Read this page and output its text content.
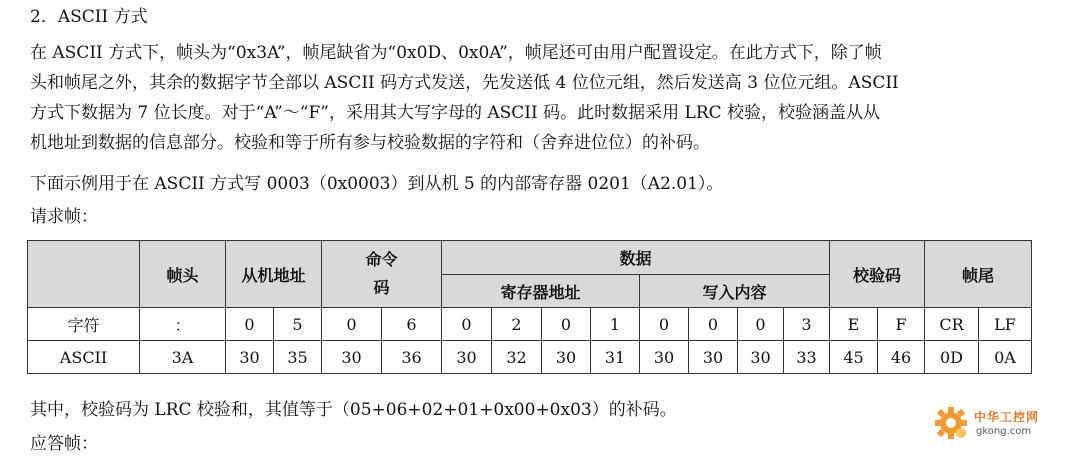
2．ASCII 方式
在 ASCII 方式下，帧头为“0x3A”，帧尾缺省为“0x0D、0x0A”，帧尾还可由用户配置设定。在此方式下，除了帧
头和帧尾之外，其余的数据字节全部以 ASCII 码方式发送，先发送低 4 位位元组，然后发送高 3 位位元组。ASCII
方式下数据为 7 位长度。对于“A”～“F”，采用其大写字母的 ASCII 码。此时数据采用 LRC 校验，校验涵盖从从
机地址到数据的信息部分。校验和等于所有参与校验数据的字符和（舍弃进位位）的补码。
下面示例用于在 ASCII 方式写 0003（0x0003）到从机 5 的内部寄存器 0201（A2.01）。
请求帧：
其中，校验码为 LRC 校验和，其值等于（05+06+02+01+0x00+0x03）的补码。
应答帧：
	帧头	从机地址		命令
码		数据								校验码		帧尾	
						寄存器地址				写入内容							
字符	：	0	5	0	6	0	2	0	1	0	0	0	3	E	F	CR	LF
ASCII	3A	30	35	30	36	30	32	30	31	30	30	30	33	45	46	0D	0A
中华工控网
gkong.com
